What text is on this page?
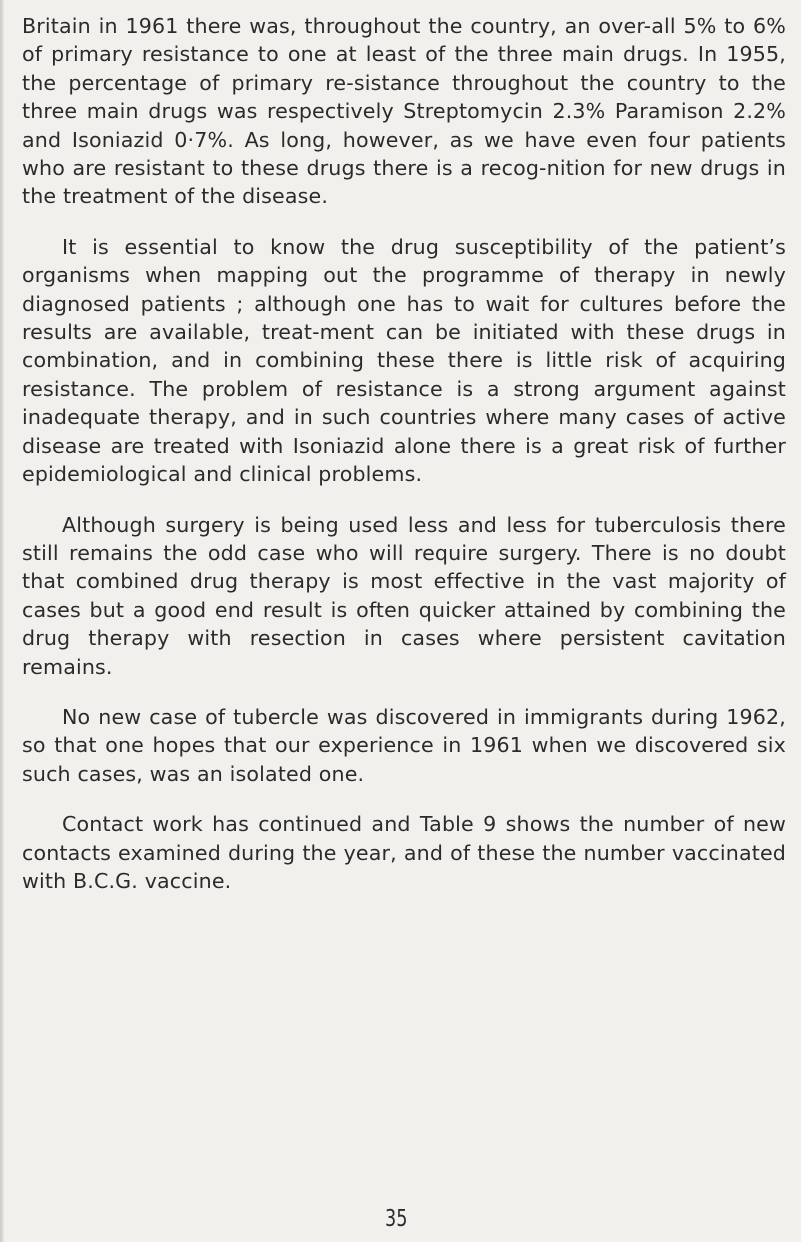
Britain in 1961 there was, throughout the country, an over-all 5% to 6% of primary resistance to one at least of the three main drugs. In 1955, the percentage of primary re-sistance throughout the country to the three main drugs was respectively Streptomycin 2.3% Paramison 2.2% and Isoniazid 0·7%. As long, however, as we have even four patients who are resistant to these drugs there is a recog-nition for new drugs in the treatment of the disease.

It is essential to know the drug susceptibility of the patient’s organisms when mapping out the programme of therapy in newly diagnosed patients ; although one has to wait for cultures before the results are available, treat-ment can be initiated with these drugs in combination, and in combining these there is little risk of acquiring resistance. The problem of resistance is a strong argument against inadequate therapy, and in such countries where many cases of active disease are treated with Isoniazid alone there is a great risk of further epidemiological and clinical problems.

Although surgery is being used less and less for tuberculosis there still remains the odd case who will require surgery. There is no doubt that combined drug therapy is most effective in the vast majority of cases but a good end result is often quicker attained by combining the drug therapy with resection in cases where persistent cavitation remains.

No new case of tubercle was discovered in immigrants during 1962, so that one hopes that our experience in 1961 when we discovered six such cases, was an isolated one.

Contact work has continued and Table 9 shows the number of new contacts examined during the year, and of these the number vaccinated with B.C.G. vaccine.

35
